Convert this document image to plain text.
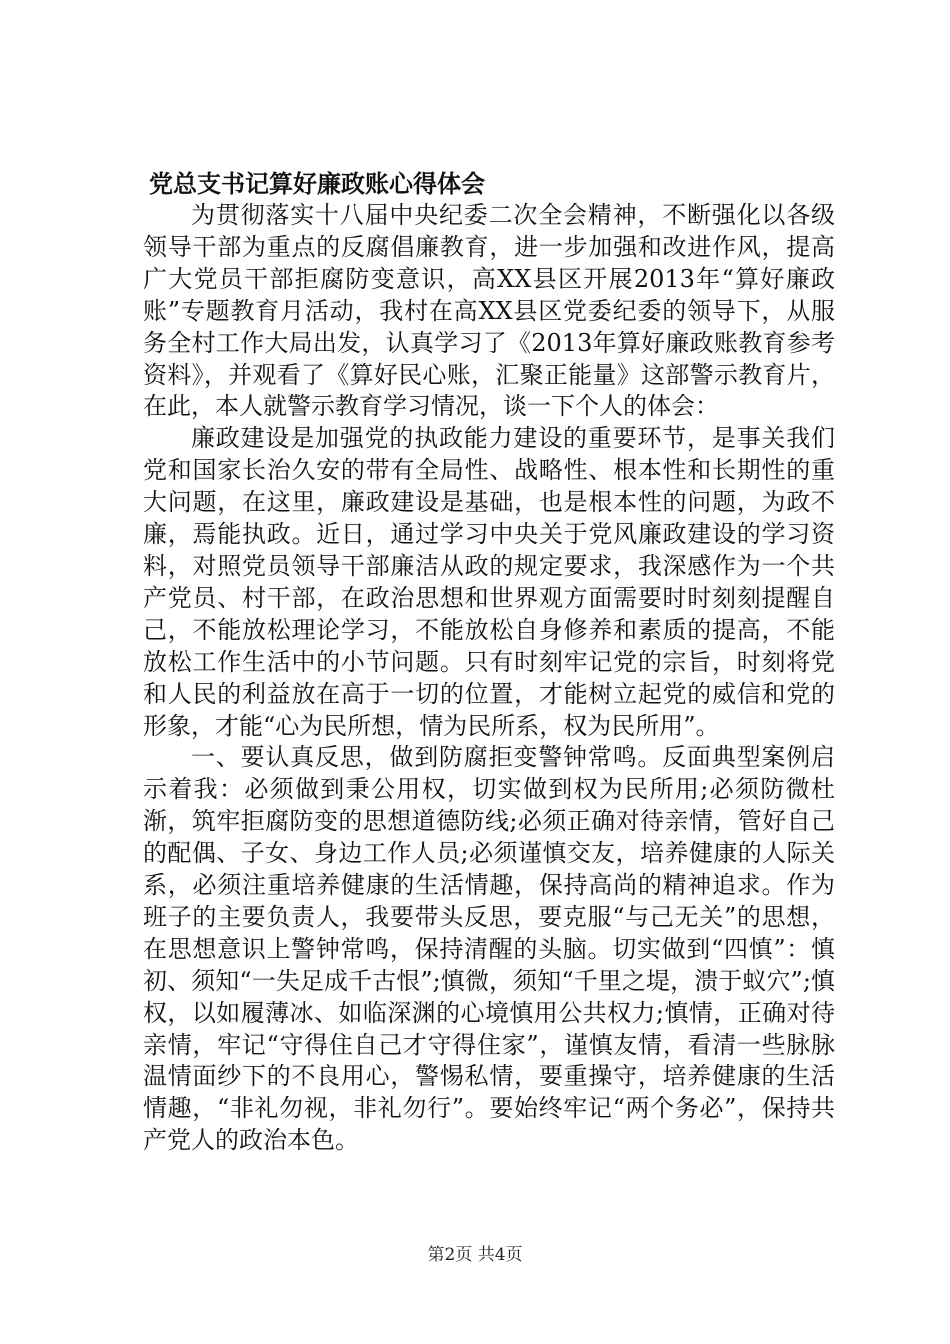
党总支书记算好廉政账心得体会

为贯彻落实十八届中央纪委二次全会精神，不断强化以各级领导干部为重点的反腐倡廉教育，进一步加强和改进作风，提高广大党员干部拒腐防变意识，高XX县区开展2013年“算好廉政账”专题教育月活动，我村在高XX县区党委纪委的领导下，从服务全村工作大局出发，认真学习了《2013年算好廉政账教育参考资料》，并观看了《算好民心账，汇聚正能量》这部警示教育片，在此，本人就警示教育学习情况，谈一下个人的体会：

廉政建设是加强党的执政能力建设的重要环节，是事关我们党和国家长治久安的带有全局性、战略性、根本性和长期性的重大问题，在这里，廉政建设是基础，也是根本性的问题，为政不廉，焉能执政。近日，通过学习中央关于党风廉政建设的学习资料，对照党员领导干部廉洁从政的规定要求，我深感作为一个共产党员、村干部，在政治思想和世界观方面需要时时刻刻提醒自己，不能放松理论学习，不能放松自身修养和素质的提高，不能放松工作生活中的小节问题。只有时刻牢记党的宗旨，时刻将党和人民的利益放在高于一切的位置，才能树立起党的威信和党的形象，才能“心为民所想，情为民所系，权为民所用”。

一、要认真反思，做到防腐拒变警钟常鸣。反面典型案例启示着我：必须做到秉公用权，切实做到权为民所用;必须防微杜渐，筑牢拒腐防变的思想道德防线;必须正确对待亲情，管好自己的配偶、子女、身边工作人员;必须谨慎交友，培养健康的人际关系，必须注重培养健康的生活情趣，保持高尚的精神追求。作为班子的主要负责人，我要带头反思，要克服“与己无关”的思想，在思想意识上警钟常鸣，保持清醒的头脑。切实做到“四慎”：慎初、须知“一失足成千古恨”;慎微，须知“千里之堤，溃于蚁穴”;慎权，以如履薄冰、如临深渊的心境慎用公共权力;慎情，正确对待亲情，牢记“守得住自己才守得住家”，谨慎友情，看清一些脉脉温情面纱下的不良用心，警惕私情，要重操守，培养健康的生活情趣，“非礼勿视，非礼勿行”。要始终牢记“两个务必”，保持共产党人的政治本色。

第2页 共4页
